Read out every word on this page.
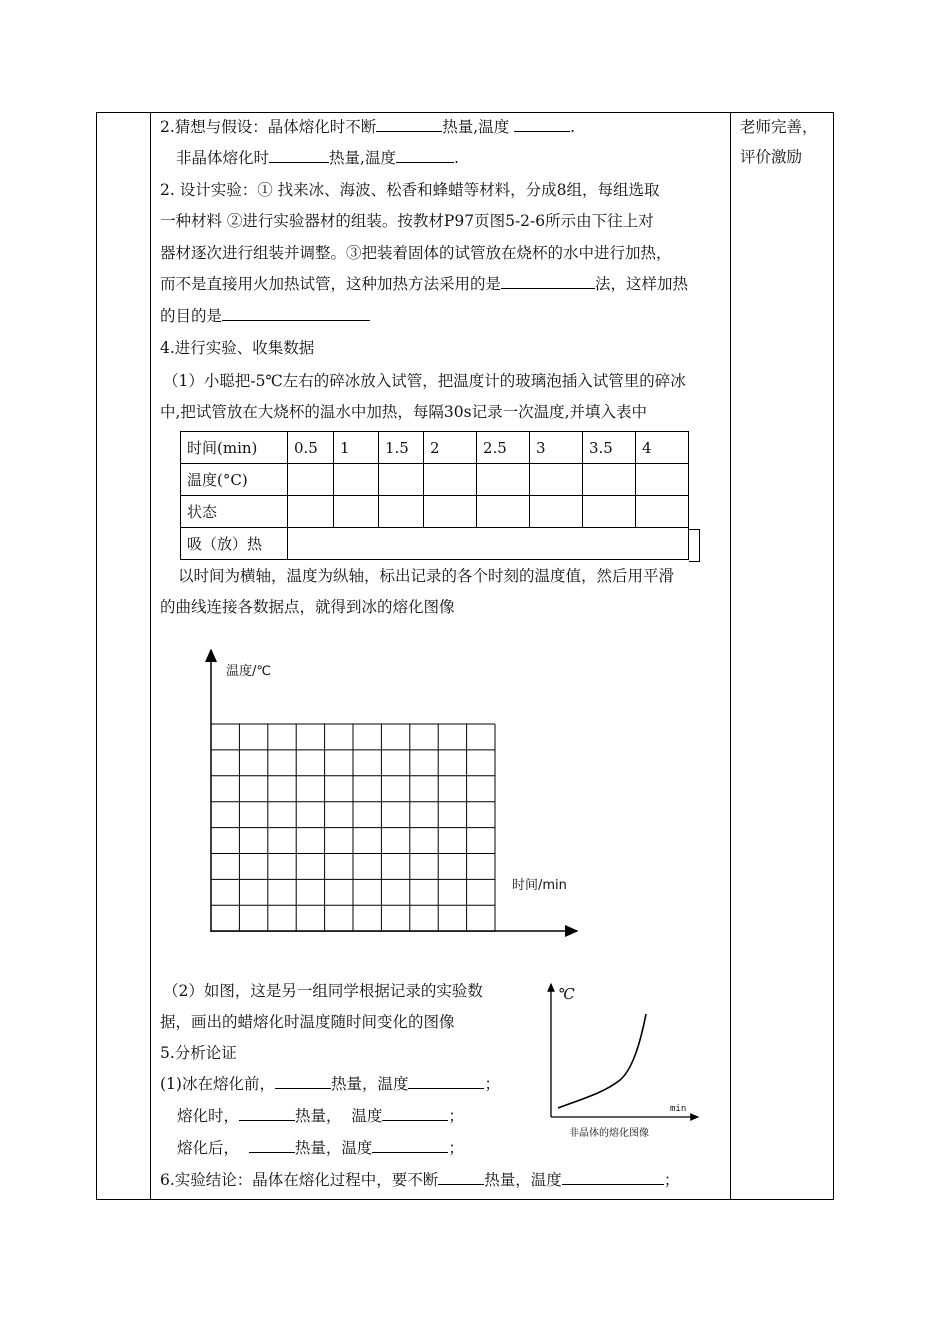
老师完善，
评价激励
2.猜想与假设：晶体熔化时不断	热量,温度	.
非晶体熔化时	热量,温度	.
2. 设计实验：① 找来冰、海波、松香和蜂蜡等材料，分成8组，每组选取
一种材料 ②进行实验器材的组装。按教材P97页图5-2-6所示由下往上对
器材逐次进行组装并调整。③把装着固体的试管放在烧杯的水中进行加热，
而不是直接用火加热试管，这种加热方法采用的是	法，这样加热
的目的是
4.进行实验、收集数据
（1）小聪把-5℃左右的碎冰放入试管，把温度计的玻璃泡插入试管里的碎冰
中,把试管放在大烧杯的温水中加热，每隔30s记录一次温度,并填入表中
时间(min)	0.5	1	1.5	2	2.5	3	3.5	4
温度(°C)								
状态								
吸（放）热								
以时间为横轴，温度为纵轴，标出记录的各个时刻的温度值，然后用平滑
的曲线连接各数据点，就得到冰的熔化图像
温度/℃
时间/min
（2）如图，这是另一组同学根据记录的实验数
据，画出的蜡熔化时温度随时间变化的图像
℃
min
非晶体的熔化图像
5.分析论证
(1)冰在熔化前，	热量，温度	；
熔化时，	热量， 温度	；
熔化后，	热量，温度	；
6.实验结论：晶体在熔化过程中，要不断	热量，温度	；
